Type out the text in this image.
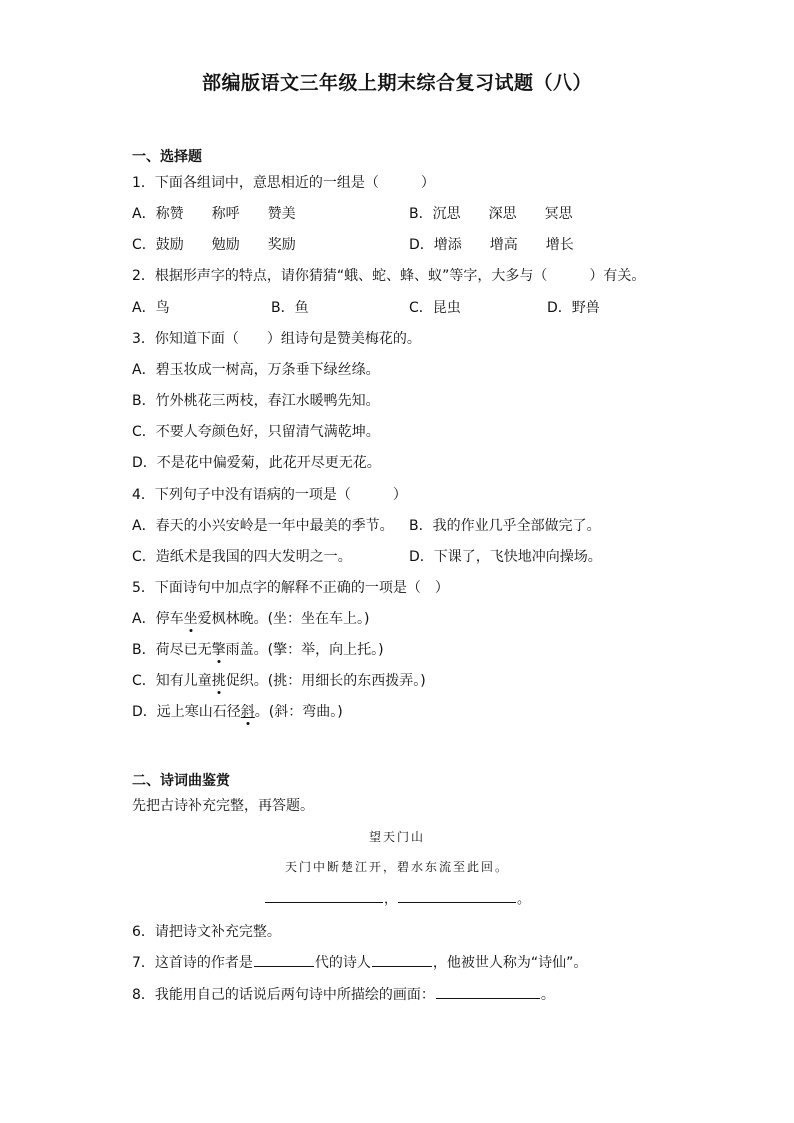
部编版语文三年级上期末综合复习试题（八）
一、选择题
1．下面各组词中，意思相近的一组是（　　　）
A．称赞　　称呼　　赞美	B．沉思　　深思　　冥思
C．鼓励　　勉励　　奖励	D．增添　　增高　　增长
2．根据形声字的特点，请你猜猜“蛾、蛇、蜂、蚁”等字，大多与（　　　）有关。
A．鸟	B．鱼	C．昆虫	D．野兽
3．你知道下面（　　）组诗句是赞美梅花的。
A．碧玉妆成一树高，万条垂下绿丝绦。
B．竹外桃花三两枝，春江水暖鸭先知。
C．不要人夸颜色好，只留清气满乾坤。
D．不是花中偏爱菊，此花开尽更无花。
4．下列句子中没有语病的一项是（　　　）
A．春天的小兴安岭是一年中最美的季节。 B．我的作业几乎全部做完了。
C．造纸术是我国的四大发明之一。	D．下课了，飞快地冲向操场。
5．下面诗句中加点字的解释不正确的一项是（　）
A．停车坐爱枫林晚。(坐：坐在车上。)
B．荷尽已无擎雨盖。(擎：举，向上托。)
C．知有儿童挑促织。(挑：用细长的东西拨弄。)
D．远上寒山石径斜。(斜：弯曲。)
二、诗词曲鉴赏
先把古诗补充完整，再答题。
望天门山
天门中断楚江开，碧水东流至此回。
，	。
6．请把诗文补充完整。
7．这首诗的作者是	代的诗人	，他被世人称为“诗仙”。
8．我能用自己的话说后两句诗中所描绘的画面：	。
